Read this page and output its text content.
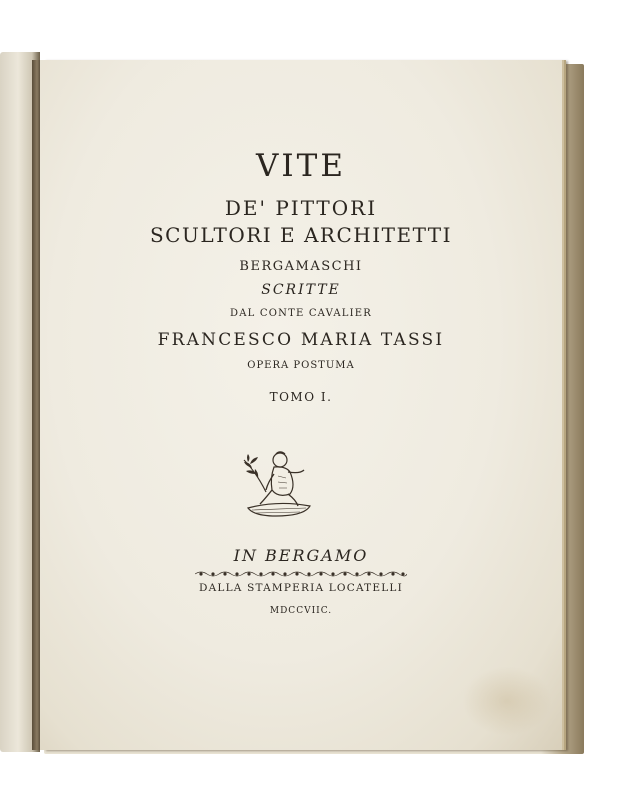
VITE
DE' PITTORI
SCULTORI E ARCHITETTI
BERGAMASCHI
SCRITTE
DAL CONTE CAVALIER
FRANCESCO MARIA TASSI
OPERA POSTUMA
TOMO I.
IN BERGAMO
DALLA STAMPERIA LOCATELLI
MDCCVIIC.
